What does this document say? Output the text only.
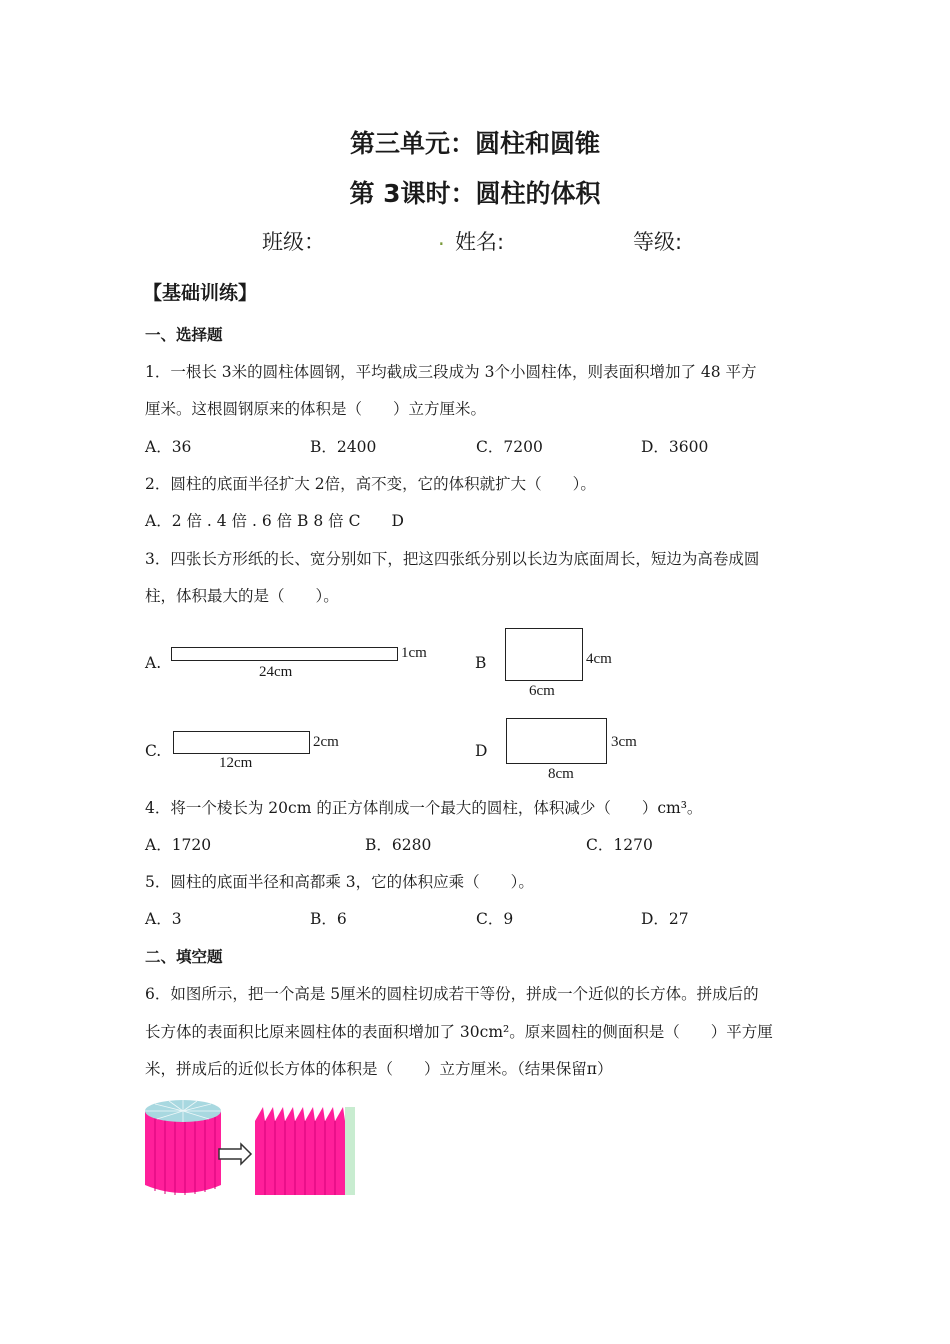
第三单元：圆柱和圆锥
第 3课时：圆柱的体积
班级：	. 姓名:	等级:
【基础训练】
一、选择题
1．一根长 3米的圆柱体圆钢，平均截成三段成为 3个小圆柱体，则表面积增加了 48 平方
厘米。这根圆钢原来的体积是（　　）立方厘米。
A．36	B．2400	C．7200	D．3600
2．圆柱的底面半径扩大 2倍，高不变，它的体积就扩大（　　）。
A．2 倍 . 4 倍 . 6 倍 B 8 倍 C　　D
3．四张长方形纸的长、宽分别如下，把这四张纸分别以长边为底面周长，短边为高卷成圆
柱，体积最大的是（　　）。
A.
1cm
24cm	B	4cm
6cm
C.	2cm
12cm
D	3cm
8cm
4．将一个棱长为 20cm 的正方体削成一个最大的圆柱，体积减少（　　）cm³。
A．1720	B．6280	C．1270
5．圆柱的底面半径和高都乘 3，它的体积应乘（　　）。
A．3	B．6	C．9	D．27
二、填空题
6．如图所示，把一个高是 5厘米的圆柱切成若干等份，拼成一个近似的长方体。拼成后的
长方体的表面积比原来圆柱体的表面积增加了 30cm²。原来圆柱的侧面积是（　　）平方厘
米，拼成后的近似长方体的体积是（　　）立方厘米。（结果保留π）
